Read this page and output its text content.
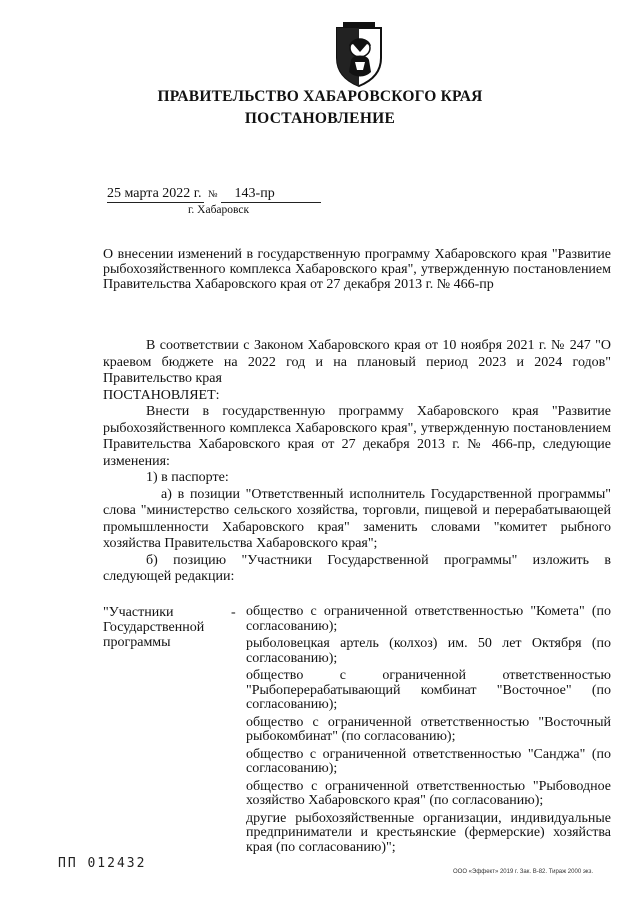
ПРАВИТЕЛЬСТВО ХАБАРОВСКОГО КРАЯ
ПОСТАНОВЛЕНИЕ
25 марта 2022 г. № 143-пр
г. Хабаровск
О внесении изменений в государственную программу Хабаровского края "Развитие рыбохозяйственного комплекса Хабаровского края", утвержденную постановлением Правительства Хабаровского края от 27 декабря 2013 г. № 466-пр

В соответствии с Законом Хабаровского края от 10 ноября 2021 г. № 247 "О краевом бюджете на 2022 год и на плановый период 2023 и 2024 годов" Правительство края

ПОСТАНОВЛЯЕТ:

Внести в государственную программу Хабаровского края "Развитие рыбохозяйственного комплекса Хабаровского края", утвержденную постановлением Правительства Хабаровского края от 27 декабря 2013 г. № 466-пр, следующие изменения:

1) в паспорте:

а) в позиции "Ответственный исполнитель Государственной программы" слова "министерство сельского хозяйства, торговли, пищевой и перерабатывающей промышленности Хабаровского края" заменить словами "комитет рыбного хозяйства Правительства Хабаровского края";

б) позицию "Участники Государственной программы" изложить в следующей редакции:

"Участники Государственной программы
- общество с ограниченной ответственностью "Комета" (по согласованию);

рыболовецкая артель (колхоз) им. 50 лет Октября (по согласованию);

общество с ограниченной ответственностью "Рыбоперерабатывающий комбинат "Восточное" (по согласованию);

общество с ограниченной ответственностью "Восточный рыбокомбинат" (по согласованию);

общество с ограниченной ответственностью "Санджа" (по согласованию);

общество с ограниченной ответственностью "Рыбоводное хозяйство Хабаровского края" (по согласованию);

другие рыбохозяйственные организации, индивидуальные предприниматели и крестьянские (фермерские) хозяйства края (по согласованию)";

ПП 012432
ООО «Эффект» 2019 г. Зак. В-82. Тираж 2000 экз.
